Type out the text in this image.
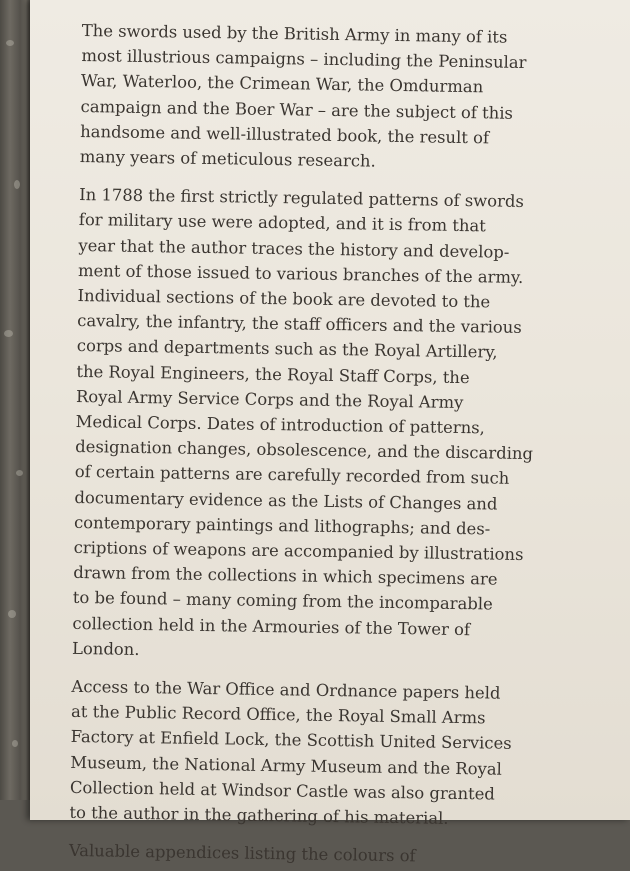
The swords used by the British Army in many of its
most illustrious campaigns – including the Peninsular
War, Waterloo, the Crimean War, the Omdurman
campaign and the Boer War – are the subject of this
handsome and well-illustrated book, the result of
many years of meticulous research.

In 1788 the first strictly regulated patterns of swords
for military use were adopted, and it is from that
year that the author traces the history and develop-
ment of those issued to various branches of the army.
Individual sections of the book are devoted to the
cavalry, the infantry, the staff officers and the various
corps and departments such as the Royal Artillery,
the Royal Engineers, the Royal Staff Corps, the
Royal Army Service Corps and the Royal Army
Medical Corps. Dates of introduction of patterns,
designation changes, obsolescence, and the discarding
of certain patterns are carefully recorded from such
documentary evidence as the Lists of Changes and
contemporary paintings and lithographs; and des-
criptions of weapons are accompanied by illustrations
drawn from the collections in which specimens are
to be found – many coming from the incomparable
collection held in the Armouries of the Tower of
London.

Access to the War Office and Ordnance papers held
at the Public Record Office, the Royal Small Arms
Factory at Enfield Lock, the Scottish United Services
Museum, the National Army Museum and the Royal
Collection held at Windsor Castle was also granted
to the author in the gathering of his material.

Valuable appendices listing the colours of
